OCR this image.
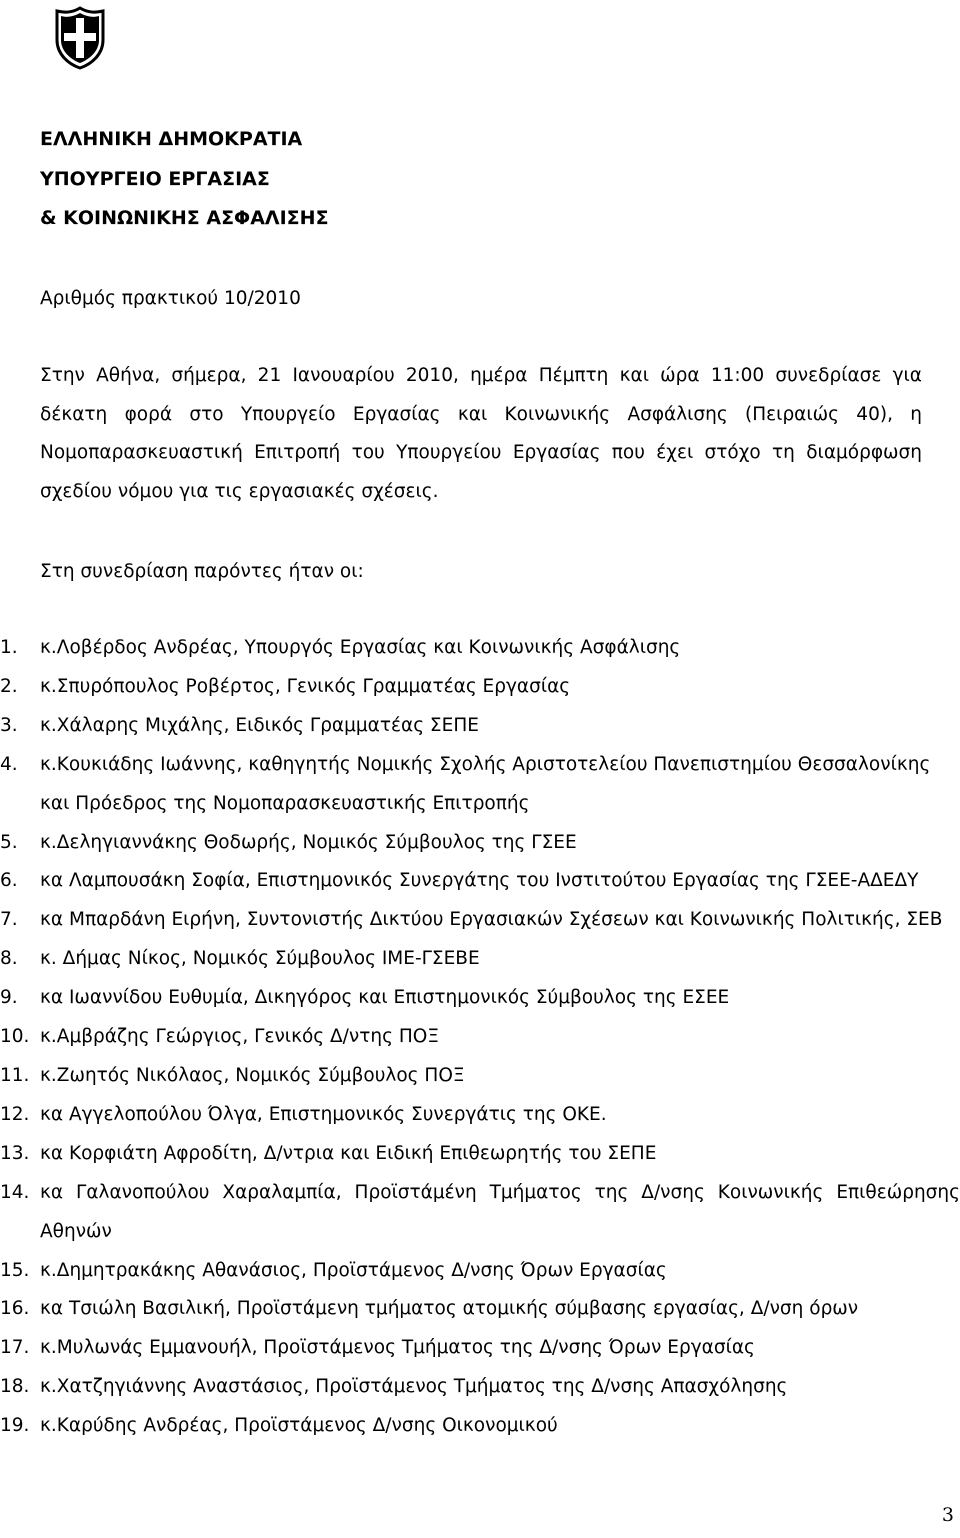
ΕΛΛΗΝΙΚΗ ΔΗΜΟΚΡΑΤΙΑ
ΥΠΟΥΡΓΕΙΟ ΕΡΓΑΣΙΑΣ
& ΚΟΙΝΩΝΙΚΗΣ ΑΣΦΑΛΙΣΗΣ
Αριθμός πρακτικού 10/2010
Στην Αθήνα, σήμερα, 21 Ιανουαρίου 2010, ημέρα Πέμπτη και ώρα 11:00 συνεδρίασε για
δέκατη φορά στο Υπουργείο Εργασίας και Κοινωνικής Ασφάλισης (Πειραιώς 40), η
Νομοπαρασκευαστική Επιτροπή του Υπουργείου Εργασίας που έχει στόχο τη διαμόρφωση
σχεδίου νόμου για τις εργασιακές σχέσεις.
Στη συνεδρίαση παρόντες ήταν οι:
1. κ.Λοβέρδος Ανδρέας, Υπουργός Εργασίας και Κοινωνικής Ασφάλισης
2. κ.Σπυρόπουλος Ροβέρτος, Γενικός Γραμματέας Εργασίας
3. κ.Χάλαρης Μιχάλης, Ειδικός Γραμματέας ΣΕΠΕ
4. κ.Κουκιάδης Ιωάννης, καθηγητής Νομικής Σχολής Αριστοτελείου Πανεπιστημίου Θεσσαλονίκης
και Πρόεδρος της Νομοπαρασκευαστικής Επιτροπής
5. κ.Δεληγιαννάκης Θοδωρής, Νομικός Σύμβουλος της ΓΣΕΕ
6. κα Λαμπουσάκη Σοφία, Επιστημονικός Συνεργάτης του Ινστιτούτου Εργασίας της ΓΣΕΕ-ΑΔΕΔΥ
7. κα Μπαρδάνη Ειρήνη, Συντονιστής Δικτύου Εργασιακών Σχέσεων και Κοινωνικής Πολιτικής, ΣΕΒ
8. κ. Δήμας Νίκος, Νομικός Σύμβουλος ΙΜΕ-ΓΣΕΒΕ
9. κα Ιωαννίδου Ευθυμία, Δικηγόρος και Επιστημονικός Σύμβουλος της ΕΣΕΕ
10. κ.Αμβράζης Γεώργιος, Γενικός Δ/ντης ΠΟΞ
11. κ.Ζωητός Νικόλαος, Νομικός Σύμβουλος ΠΟΞ
12. κα Αγγελοπούλου Όλγα, Επιστημονικός Συνεργάτις της ΟΚΕ.
13. κα Κορφιάτη Αφροδίτη, Δ/ντρια και Ειδική Επιθεωρητής του ΣΕΠΕ
14. κα Γαλανοπούλου Χαραλαμπία, Προϊστάμένη Τμήματος της Δ/νσης Κοινωνικής Επιθεώρησης
Αθηνών
15. κ.Δημητρακάκης Αθανάσιος, Προϊστάμενος Δ/νσης Όρων Εργασίας
16. κα Τσιώλη Βασιλική, Προϊστάμενη τμήματος ατομικής σύμβασης εργασίας, Δ/νση όρων
17. κ.Μυλωνάς Εμμανουήλ, Προϊστάμενος Τμήματος της Δ/νσης Όρων Εργασίας
18. κ.Χατζηγιάννης Αναστάσιος, Προϊστάμενος Τμήματος της Δ/νσης Απασχόλησης
19. κ.Καρύδης Ανδρέας, Προϊστάμενος Δ/νσης Οικονομικού
3
